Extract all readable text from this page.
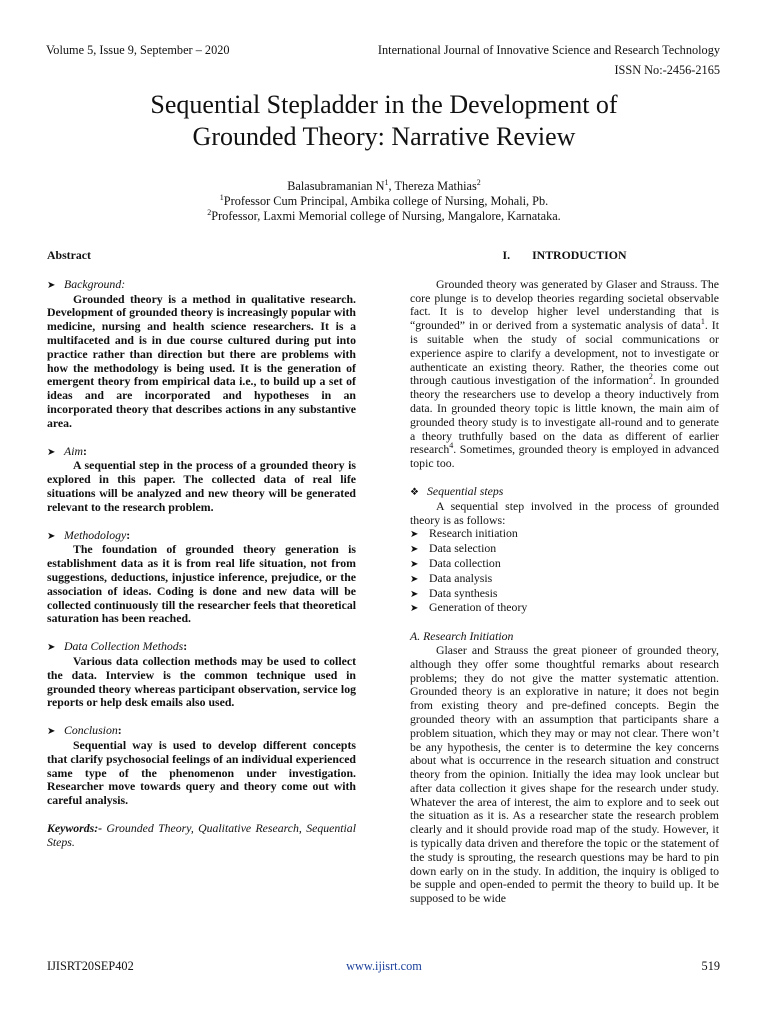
Volume 5, Issue 9, September – 2020	International Journal of Innovative Science and Research Technology
ISSN No:-2456-2165
Sequential Stepladder in the Development of
Grounded Theory: Narrative Review
Balasubramanian $N^1$, Thereza Mathias$^2$
$^1$Professor Cum Principal, Ambika college of Nursing, Mohali, Pb.
$^2$Professor, Laxmi Memorial college of Nursing, Mangalore, Karnataka.
Abstract
➤ Background:

Grounded theory is a method in qualitative research. Development of grounded theory is increasingly popular with medicine, nursing and health science researchers. It is a multifaceted and is in due course cultured during put into practice rather than direction but there are problems with how the methodology is being used. It is the generation of emergent theory from empirical data i.e., to build up a set of ideas and are incorporated and hypotheses in an incorporated theory that describes actions in any substantive area.

➤ Aim :

A sequential step in the process of a grounded theory is explored in this paper. The collected data of real life situations will be analyzed and new theory will be generated relevant to the research problem.

➤ Methodology :

The foundation of grounded theory generation is establishment data as it is from real life situation, not from suggestions, deductions, injustice inference, prejudice, or the association of ideas. Coding is done and new data will be collected continuously till the researcher feels that theoretical saturation has been reached.

➤ Data Collection Methods :

Various data collection methods may be used to collect the data. Interview is the common technique used in grounded theory whereas participant observation, service log reports or help desk emails also used.

➤ Conclusion :

Sequential way is used to develop different concepts that clarify psychosocial feelings of an individual experienced same type of the phenomenon under investigation. Researcher move towards query and theory come out with careful analysis.

Keywords:- Grounded Theory, Qualitative Research, Sequential Steps.

I. INTRODUCTION

Grounded theory was generated by Glaser and Strauss. The core plunge is to develop theories regarding societal observable fact. It is to develop higher level understanding that is “grounded” in or derived from a systematic analysis of data$^1$. It is suitable when the study of social communications or experience aspire to clarify a development, not to investigate or authenticate an existing theory. Rather, the theories come out through cautious investigation of the information$^2$. In grounded theory the researchers use to develop a theory inductively from data. In grounded theory topic is little known, the main aim of grounded theory study is to investigate all-round and to generate a theory truthfully based on the data as different of earlier research$^4$. Sometimes, grounded theory is employed in advanced topic too.

❖ Sequential steps

A sequential step involved in the process of grounded theory is as follows:

➤ Research initiation
➤ Data selection
➤ Data collection
➤ Data analysis
➤ Data synthesis
➤ Generation of theory

A. Research Initiation

Glaser and Strauss the great pioneer of grounded theory, although they offer some thoughtful remarks about research problems; they do not give the matter systematic attention. Grounded theory is an explorative in nature; it does not begin from existing theory and pre-defined concepts. Begin the grounded theory with an assumption that participants share a problem situation, which they may or may not clear. There won’t be any hypothesis, the center is to determine the key concerns about what is occurrence in the research situation and construct theory from the opinion. Initially the idea may look unclear but after data collection it gives shape for the research under study. Whatever the area of interest, the aim to explore and to seek out the situation as it is. As a researcher state the research problem clearly and it should provide road map of the study. However, it is typically data driven and therefore the topic or the statement of the study is sprouting, the research questions may be hard to pin down early on in the study. In addition, the inquiry is obliged to be supple and open-ended to permit the theory to build up. It be supposed to be wide

IJISRT20SEP402	www.ijisrt.com	519
